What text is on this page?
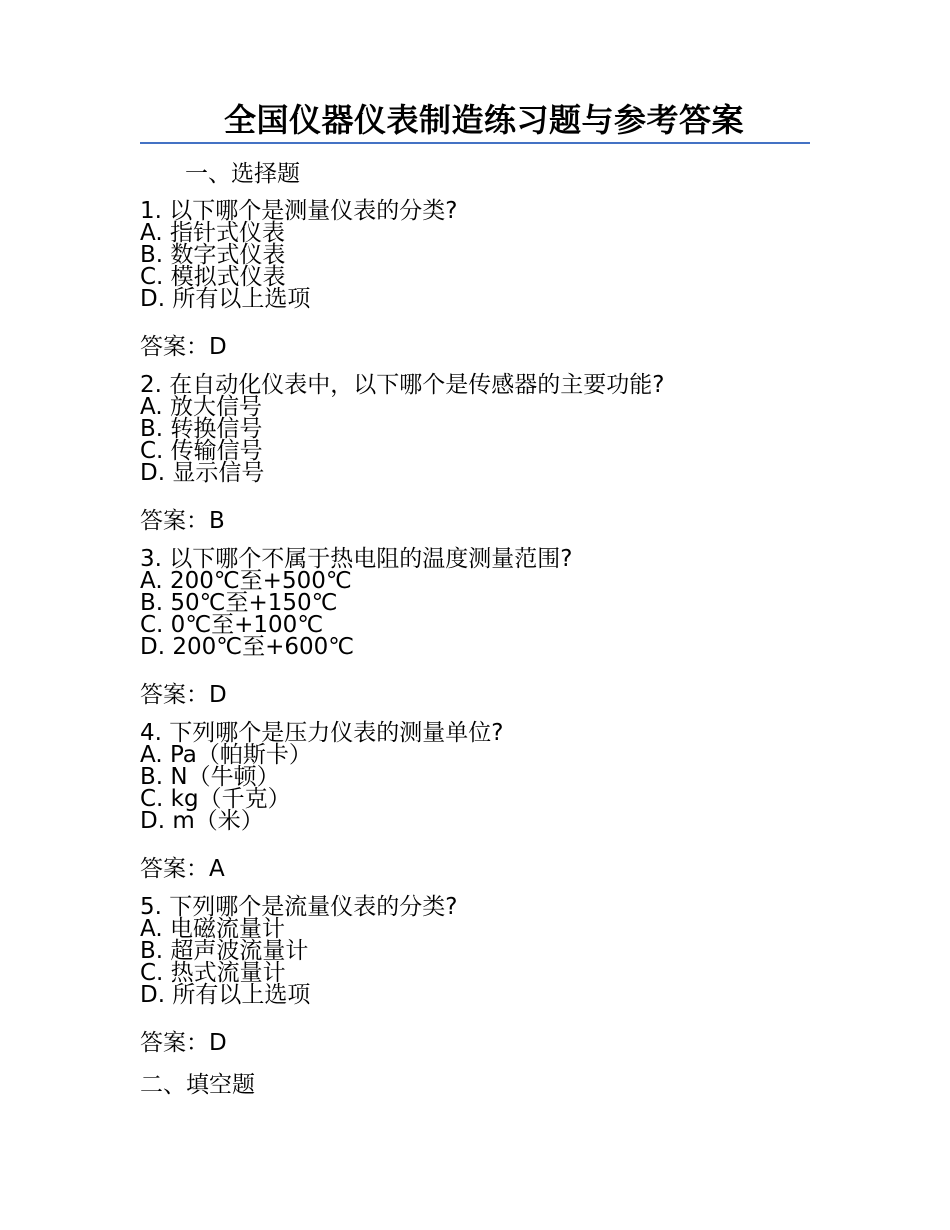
全国仪器仪表制造练习题与参考答案
一、选择题
1. 以下哪个是测量仪表的分类?
A. 指针式仪表
B. 数字式仪表
C. 模拟式仪表
D. 所有以上选项
答案：D
2. 在自动化仪表中，以下哪个是传感器的主要功能?
A. 放大信号
B. 转换信号
C. 传输信号
D. 显示信号
答案：B
3. 以下哪个不属于热电阻的温度测量范围?
A. 200℃至+500℃
B. 50℃至+150℃
C. 0℃至+100℃
D. 200℃至+600℃
答案：D
4. 下列哪个是压力仪表的测量单位?
A. Pa（帕斯卡）
B. N（牛顿）
C. kg（千克）
D. m（米）
答案：A
5. 下列哪个是流量仪表的分类?
A. 电磁流量计
B. 超声波流量计
C. 热式流量计
D. 所有以上选项
答案：D
二、填空题
